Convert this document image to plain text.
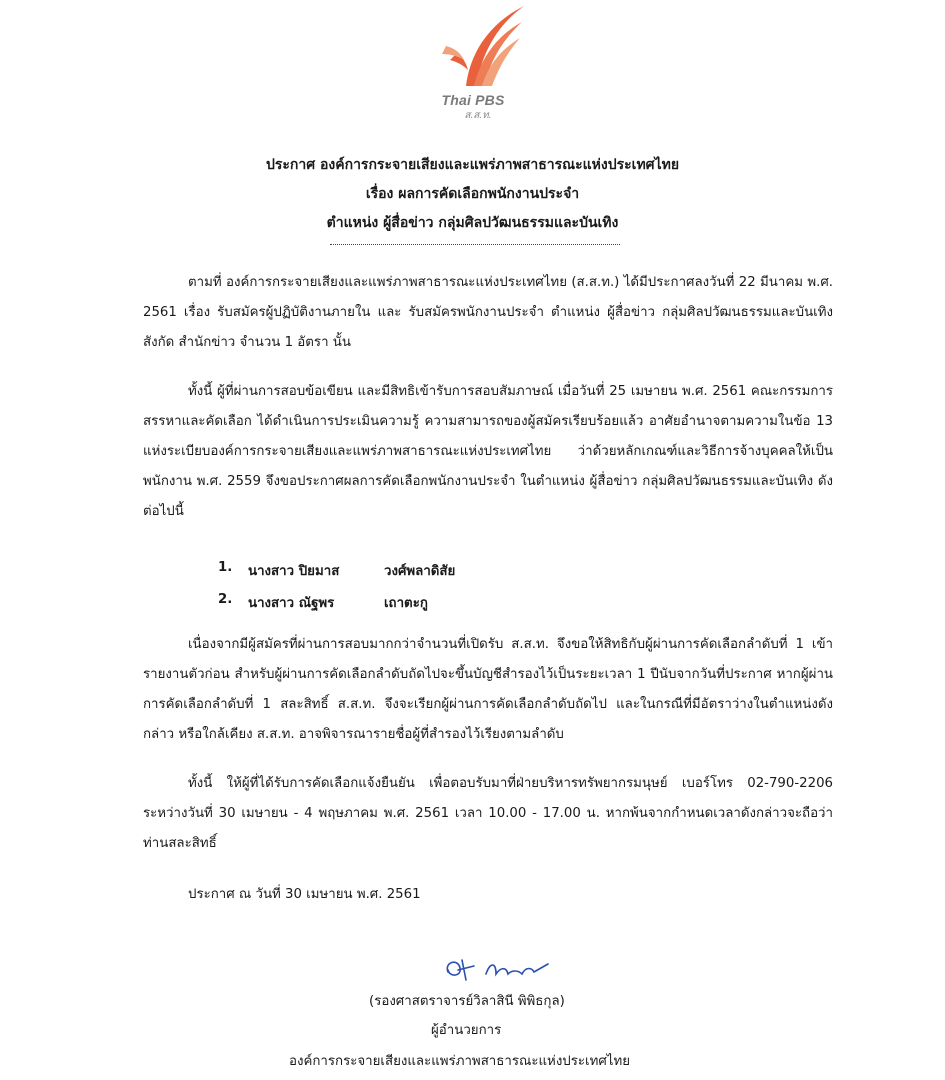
Thai PBS
ส.ส.ท.
ประกาศ องค์การกระจายเสียงและแพร่ภาพสาธารณะแห่งประเทศไทย
เรื่อง ผลการคัดเลือกพนักงานประจำ
ตำแหน่ง ผู้สื่อข่าว กลุ่มศิลปวัฒนธรรมและบันเทิง
ตามที่ องค์การกระจายเสียงและแพร่ภาพสาธารณะแห่งประเทศไทย (ส.ส.ท.) ได้มีประกาศลงวันที่ 22 มีนาคม พ.ศ. 2561 เรื่อง รับสมัครผู้ปฏิบัติงานภายใน และ รับสมัครพนักงานประจำ ตำแหน่ง ผู้สื่อข่าว กลุ่มศิลปวัฒนธรรมและบันเทิง สังกัด สำนักข่าว จำนวน 1 อัตรา นั้น
ทั้งนี้ ผู้ที่ผ่านการสอบข้อเขียน และมีสิทธิเข้ารับการสอบสัมภาษณ์ เมื่อวันที่ 25 เมษายน พ.ศ. 2561 คณะกรรมการสรรหาและคัดเลือก ได้ดำเนินการประเมินความรู้ ความสามารถของผู้สมัครเรียบร้อยแล้ว อาศัยอำนาจตามความในข้อ 13 แห่งระเบียบองค์การกระจายเสียงและแพร่ภาพสาธารณะแห่งประเทศไทย ว่าด้วยหลักเกณฑ์และวิธีการจ้างบุคคลให้เป็นพนักงาน พ.ศ. 2559 จึงขอประกาศผลการคัดเลือกพนักงานประจำ ในตำแหน่ง ผู้สื่อข่าว กลุ่มศิลปวัฒนธรรมและบันเทิง ดังต่อไปนี้
1. นางสาว ปิยมาส	วงศ์พลาดิสัย
2. นางสาว ณัฐพร	เถาตะกู
เนื่องจากมีผู้สมัครที่ผ่านการสอบมากกว่าจำนวนที่เปิดรับ ส.ส.ท. จึงขอให้สิทธิกับผู้ผ่านการคัดเลือกลำดับที่ 1 เข้ารายงานตัวก่อน สำหรับผู้ผ่านการคัดเลือกลำดับถัดไปจะขึ้นบัญชีสำรองไว้เป็นระยะเวลา 1 ปีนับจากวันที่ประกาศ หากผู้ผ่านการคัดเลือกลำดับที่ 1 สละสิทธิ์ ส.ส.ท. จึงจะเรียกผู้ผ่านการคัดเลือกลำดับถัดไป และในกรณีที่มีอัตราว่างในตำแหน่งดังกล่าว หรือใกล้เคียง ส.ส.ท. อาจพิจารณารายชื่อผู้ที่สำรองไว้เรียงตามลำดับ
ทั้งนี้ ให้ผู้ที่ได้รับการคัดเลือกแจ้งยืนยัน เพื่อตอบรับมาที่ฝ่ายบริหารทรัพยากรมนุษย์ เบอร์โทร 02-790-2206 ระหว่างวันที่ 30 เมษายน - 4 พฤษภาคม พ.ศ. 2561 เวลา 10.00 - 17.00 น. หากพ้นจากกำหนดเวลาดังกล่าวจะถือว่าท่านสละสิทธิ์
ประกาศ ณ วันที่ 30 เมษายน พ.ศ. 2561
(รองศาสตราจารย์วิลาสินี พิพิธกุล)
ผู้อำนวยการ
องค์การกระจายเสียงและแพร่ภาพสาธารณะแห่งประเทศไทย
